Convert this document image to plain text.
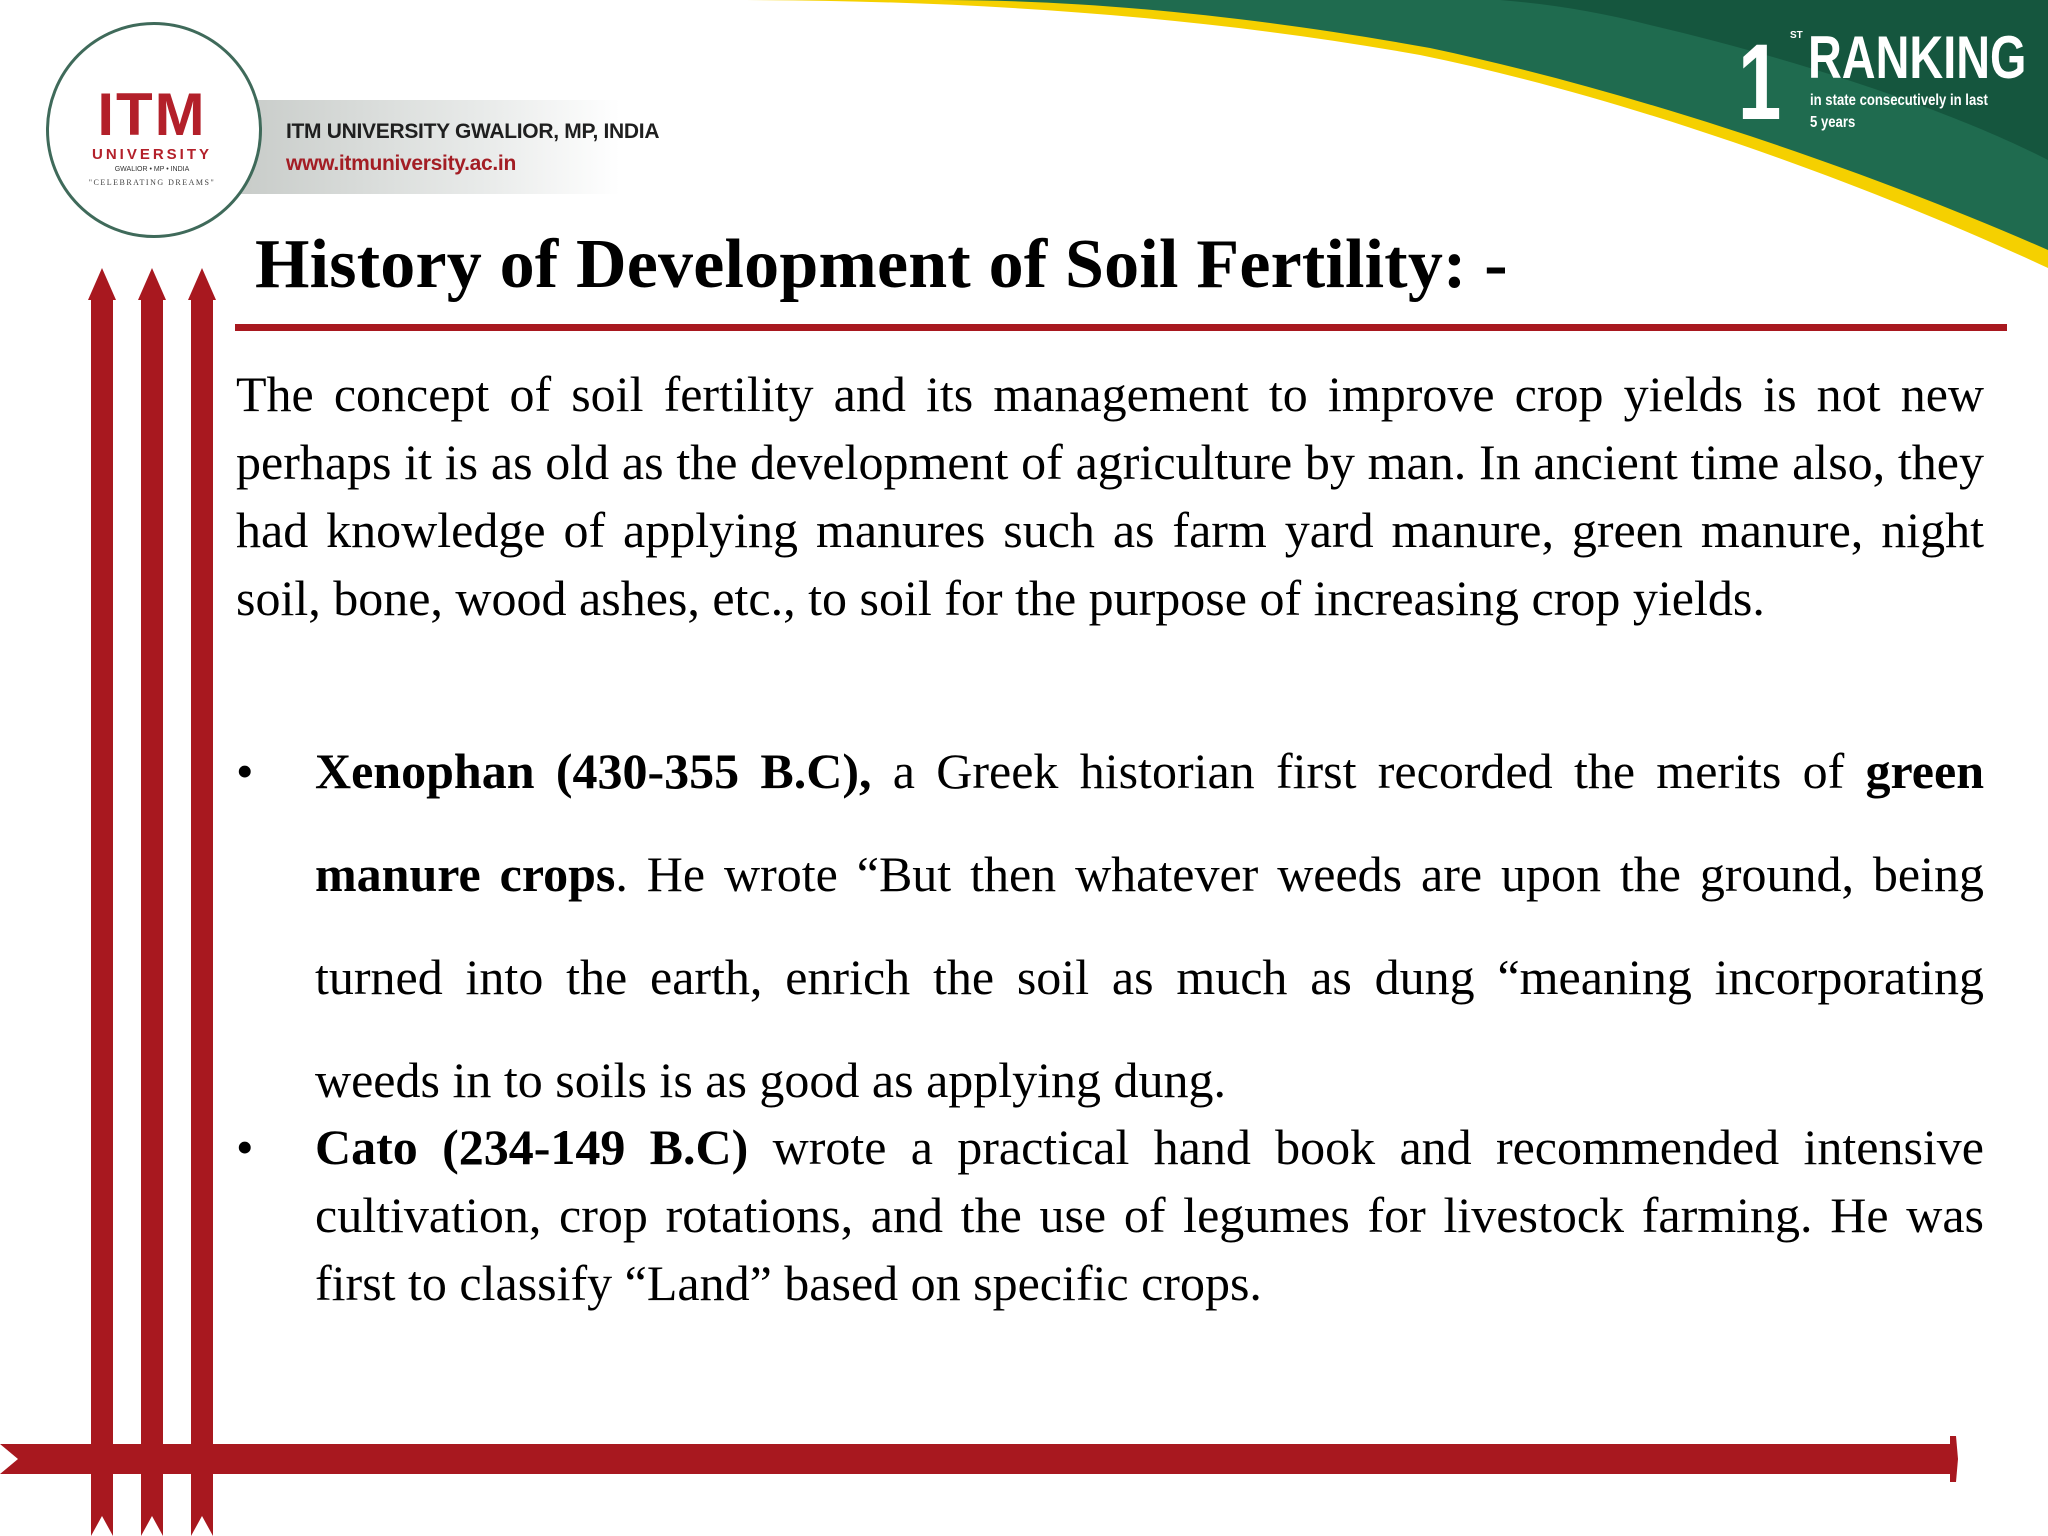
ITM
UNIVERSITY
GWALIOR • MP • INDIA
"CELEBRATING DREAMS"
ITM UNIVERSITY GWALIOR, MP, INDIA
www.itmuniversity.ac.in
1 ST RANKING
in state consecutively in last
5 years
History of Development of Soil Fertility: -

The concept of soil fertility and its management to improve crop yields is not new perhaps it is as old as the development of agriculture by man. In ancient time also, they had knowledge of applying manures such as farm yard manure, green manure, night soil, bone, wood ashes, etc., to soil for the purpose of increasing crop yields.

• Xenophan (430-355 B.C), a Greek historian first recorded the merits of green manure crops. He wrote “But then whatever weeds are upon the ground, being turned into the earth, enrich the soil as much as dung “meaning incorporating weeds in to soils is as good as applying dung.

• Cato (234-149 B.C) wrote a practical hand book and recommended intensive cultivation, crop rotations, and the use of legumes for livestock farming. He was first to classify “Land” based on specific crops.
